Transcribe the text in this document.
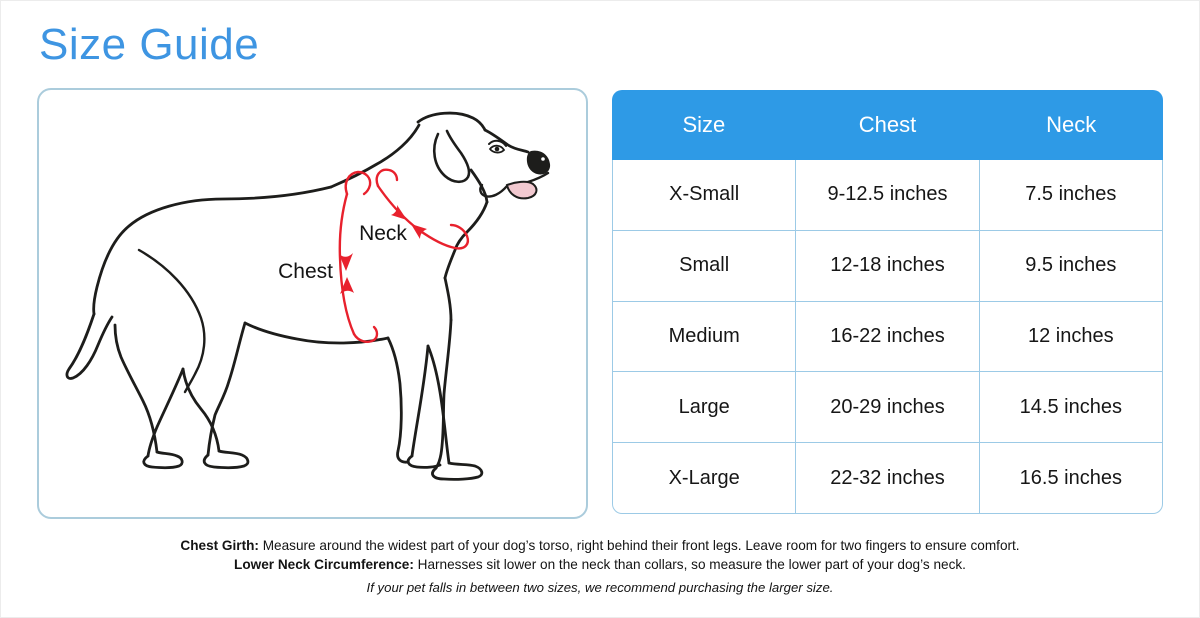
Size Guide
Neck
Chest
Size	Chest	Neck
X-Small	9-12.5 inches	7.5 inches
Small	12-18 inches	9.5 inches
Medium	16-22 inches	12 inches
Large	20-29 inches	14.5 inches
X-Large	22-32 inches	16.5 inches
Chest Girth: Measure around the widest part of your dog’s torso, right behind their front legs. Leave room for two fingers to ensure comfort.
Lower Neck Circumference: Harnesses sit lower on the neck than collars, so measure the lower part of your dog’s neck.
If your pet falls in between two sizes, we recommend purchasing the larger size.
